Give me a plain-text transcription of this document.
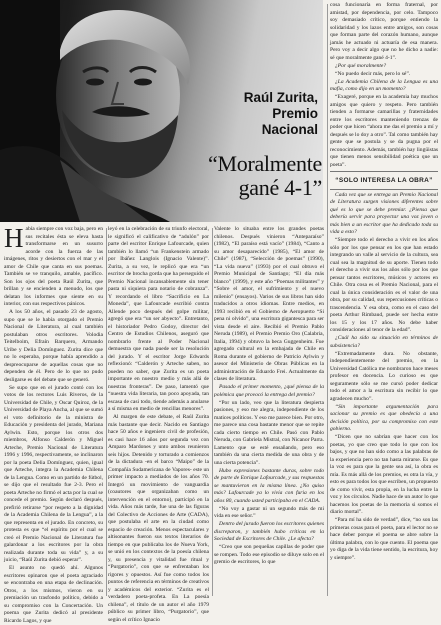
Raúl Zurita,
Premio
Nacional
“Moralmente
gané 4-1”

Había siempre con voz baja, pero en sus recitales ésta se eleva hasta transformarse en un susurro acorde con la fuerza de las imágenes, ritos y desiertos con el mar y el amor de Chile que canta en sus poemas. También se ve tranquilo, amable, pacífico. Son los ojos del poeta Raúl Zurita, que brillan y se encienden a menudo, los que delatan los informes que siente en su interior, con sus respectivos pánicos.

A los 50 años, el pasado 23 de agosto, supo que se le había otorgado el Premio Nacional de Literatura, al cual también postulaban otros escritores. Volodia Teitelboim, Efraín Barquero, Armando Uribe y Delia Domínguez. Zurita dice que no lo esperaba, porque había aprendido a despreocuparse de aquellas cosas que no dependen de él. Pero de lo que no pudo desligarse es del debate que se generó.

Se supo que en el jurado contó con los votos de los rectores Luis Riveros, de la Universidad de Chile, y Oscar Quiroz, de la Universidad de Playa Ancha, al que se sumó el voto definitorio de la ministra de Educación y presidenta del jurado, Mariana Aylwin. Esto, porque los otros dos miembros, Alfonso Calderón y Miguel Arteche, Premio Nacional de Literatura 1996 y 1996, respectivamente, se inclinaron por la poeta Delia Domínguez, quien, igual que Arteche, integra la Academia Chilena de la Lengua. Como en un partido de fútbol, se dijo que el resultado fue 2-3. Pero el poeta Arteche no firmó el acta por la cual se concede el premio. Según declaró después, prefirió retirarse “por respeto a la dignidad de la Academia Chilena de la Lengua”, a la que representa en el jurado. En concreto, su protesta es que “el espíritu por el cual se creó el Premio Nacional de Literatura fue galardonar a los escritores por la obra realizada durante toda su vida” y, a su juicio, “Raúl Zurita debió esperar”.

El asunto no quedó ahí. Algunos escritores opinaron que el poeta agraciado se encontraba en una etapa de declinación. Otros, a los mismos, vieron en su premiación un trasfondo político, debido a su compromiso con la Concertación. Un poema que Zurita dedicó al presidente Ricardo Lagos, y que

leyó en la celebración de su triunfo electoral, le significó el calificativo de “adulón” por parte del escritor Enrique Lafourcade, quien también lo llamó “un Frankenstein armado por Ibáñez Langlois (Ignacio Valente)”. Zurita, a su vez, le replicó que era “un escritor de brocha gorda que ha perseguido el Premio Nacional incansablemente sin tener pasta ni siquiera para notario de cobranza”. Y recordando el libro “Sacrificio en La Moneda”, que Lafourcade escribió contra Allende poco después del golpe militar, agregó que era “un ser abyecto”. Entretanto, el historiador Pedro Godoy, director del Centro de Estudios Chilenos, aseguró que nombrarlo frente al Poder Nacional demuestra que nada puede ser la resolución del jurado. Y el escritor Jorge Edwards reflexionó: “Calderón y Arteche saben, no pueden no saber, que Zurita es un poeta importante en nuestro medio y más allá de nuestras fronteras”. De paso, lamentó que “nuestra vida literaria, tan poco apoyada, tan escasa de casi todo, tiende además a anularse a sí misma en medio de rencillas menores”.

Al margen de este debate, el Raúl Zurita más bastante que decir. Nacido en Santiago hace 50 años e ingeniero civil de profesión, es casi hace 16 años por segunda vez con Amparo Mardones y unto ambos reunieron seis hijos. Detenido y torturado a comienzos de la dictadura -en el barco “Maipo” de la Compañía Sudamericana de Vapores- este un primer impacto a mediados de los años 70. Integró un movimiento de vanguardia (coautores que organizaban como un intervención en el entorno), participó en la vida. Años más tarde, fue una de las figuras del Colectivo de Acciones de Arte (CADA), que postulaba el arte en la ciudad como espacio de creación. Menos espectaculares y altisonantes fueron sus textos literarios de tiempo en que publicaba los de Nueva York, se unió en los contextos de la poesía chilena y, su presencia y vitalidad fue ritual y “Purgatorio”, con que se enfrentaban los rigores y opuestos. Así fue como todos los puntos de referencia en términos de creativos y académicos del exterior. “Zurita es el verdadero poeta-profeta. En La poesía chilena”, el título de un autor el año 1979 público su primer libro, “Purgatorio”, que según el crítico Ignacio

Valente lo situaba entre los grandes poetas chilenos. Después vinieron “Anteparaíso” (1982), “El paraíso está vacío” (1984), “Canto a su amor desaparecido” (1985), “El amor de Chile” (1987), “Selección de poemas” (1990), “La vida nueva” (1993) por el cual obtuvo el Premio Municipal de Santiago; “El día más blanco” (1999), y este año “Poemas militantes” y “Sobre el amor, el sufrimiento y el nuevo milenio” (ensayos). Varios de sus libros han sido traducidos a otros idiomas. Entre medios, en 1993 recibió en el Gobierno de Aeropuerto “Si pena ni olvido”, una escritura gigantesca para ser vista desde el aire. Recibió el Premio Pablo Neruda (1989), el Premio Premio Oro (Calabria, Italia, 1994) y obtuvo la beca Guggenheim. Fue agregado cultural en la embajada de Chile en Roma durante el gobierno de Patricio Aylwin y asesor del Ministerio de Obras Públicas en la administración de Eduardo Frei. Actualmente da clases de literatura.

Pasado el primer momento, ¿qué piensa de la polémica que provocó la entrega del premio?

“Por un lado, veo que la literatura despierta pasiones, y eso me alegra, independiente de los matices políticos. Y eso me parece bien. Por otro, me parece una cosa bastante menor que se repite cada cierto tiempo en Chile. Pasó con Pablo Neruda, con Gabriela Mistral, con Nicanor Parra. Lamento que se esté ensañando, pero eso también da una cierta medida de una obra y de una cierta potencia”.

Hubo expresiones bastante duras, sobre todo de parte de Enrique Lafourcade, y sus respuestas se mantuvieron en la misma línea. ¿No quiso más? Lafourcade ya lo vivía con furia en los años 80, cuando usted participaba en el CADA.

“No voy a gastar ni un segundo más de mi vida en ese señor.”

Dentro del jurado fueron los escritores quienes discreparon, y también hubo críticas en la Sociedad de Escritores de Chile. ¿Le afecta?

“Creo que son pequeñas capillas de poder que se rompen. Todo ese episodio se diluye solo en el gremio de escritores, lo que

cosa funcionaría en forma fraternal, por amistad, por dependencia, por celo. Tampoco soy demasiado crítico, porque entiendo la solidaridad y los lazos entre amigos, son cosas que forman parte del corazón humano, aunque jamás he actuado ni actuaría de esa manera. Pero voy a decir algo que no he dicho a nadie: sé que moralmente gané 4-1”.

¿Por qué moralmente?

“No puedo decir más, pero lo sé”.

¿La Academia Chilena de la Lengua es una mafia, como dijo en un momento?

“Exageré, porque en la academia hay muchos amigos que quiero y respeto. Pero también tienden a formarse camarillas y fraternidades entre los escritores manteniendo trenzas de poder que hicen “ahora me das el premio a mí y después se lo doy a otro”. Tal como también hay gente que se postula y se da pugna por el reconocimiento. Además, también hay lingüistas que tienen menos sensibilidad poética que un poeta”.

“SOLO INTERESA LA OBRA”

Cada vez que se entrega un Premio Nacional de Literatura surgen visiones diferentes sobre qué es lo que se debe premiar. ¿Piensa que debería servir para proyectar una voz joven o más bien a un escritor que ha dedicado toda su vida a esto?

“Siempre todo el derecho a vivir en los años sólo por los que pensar en los que han estado integrando un valle al servicio de la cultura, sea cual sea la magnitud de su aporte. Tienen todo el derecho a vivir sus los años sólo por los que pensar tantos escritores, músicos y actores en Chile. Otra cosa es el Premio Nacional, para el cual la única consideración es el valor de una obra, por su calidad, sus repercusiones críticas o trascendencia. Y esa obra, como en el caso del poeta Arthur Rimbaud, puede ser hecha entre los 15 y los 17 años. No debe haber consideraciones al tenor de la edad”.

¿Cuál ha sido su situación en términos de subsistencia?

“Extremadamente dura. No obstante, independientemente del premio, en la Universidad Católica me nombraron hace meses profesor en docencia. Lo curioso es que seguramente sólo se me cursó poder dedicar todo el amor a la escritura sin recibir lo que agradecen mucho”.

“Sin importante argumentación para sacionar su premio es que obedecía a una decisión política, por su compromiso con este gobierno.

“Dicen que no sabrían que hacer con los poetas, yo que creo que todo lo que con los bajos, y que no han sido como a las palabras de la experiencia pero no tan hasta mirarse. Es que la voz es para que la gente sea así, la obra es mía. Es más allá de los premios, es otra la vía, y esto es para todos los que escriben, un propuesto de como vivir, esta propia, en la lucha entre la voz y los círculos. Nadie hace de un autor lo que hacemos los poetas de la memoria si somos el diario mortal”.

“Para mí ha sido de verdad”, dice, “no son las primeras cosas para el poeta, para el lector no se hace deber porque el poema se abre sobre la última palabra, con lo que cuento. El poema que yo diga de la vida tiene sentido, la escritura, hoy y siempre”.
